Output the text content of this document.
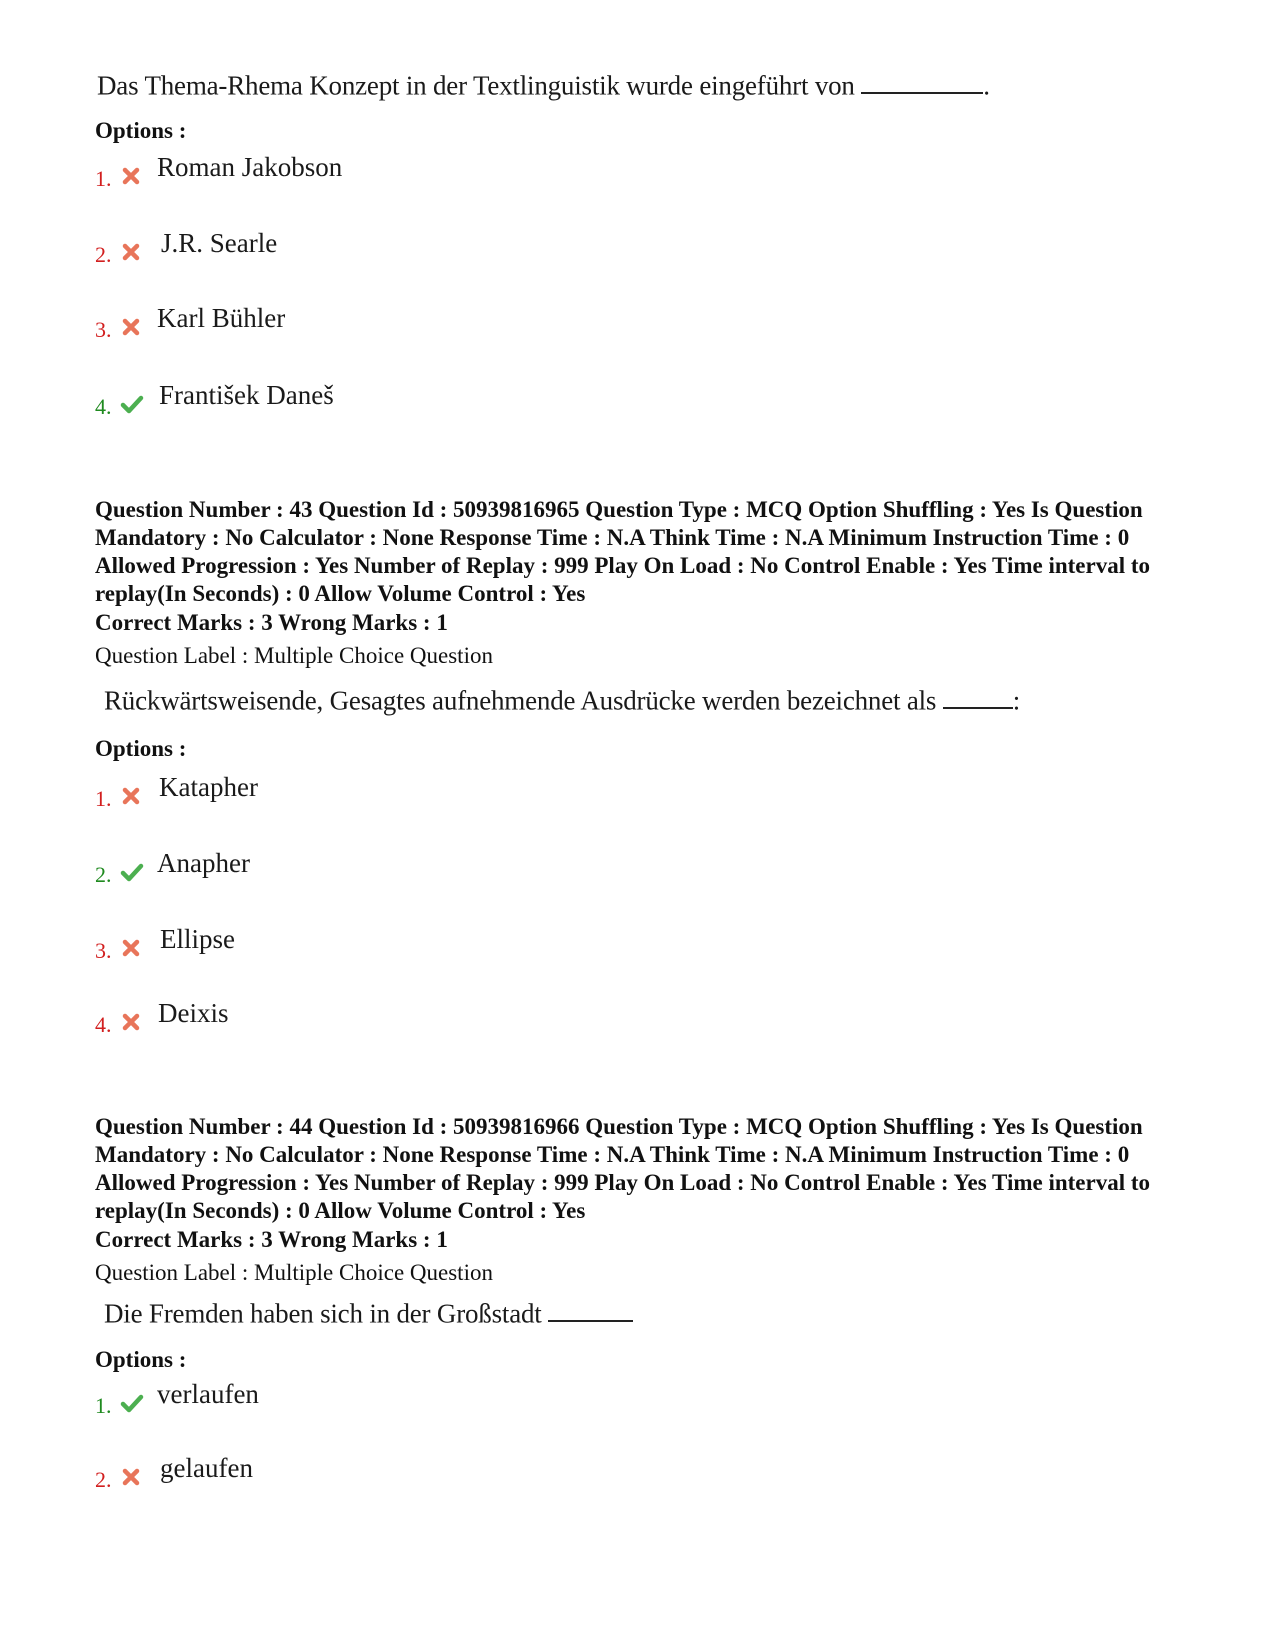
Das Thema-Rhema Konzept in der Textlinguistik wurde eingeführt von	.
Options :
1. Roman Jakobson
2. J.R. Searle
3. Karl Bühler
4. František Daneš
Question Number : 43 Question Id : 50939816965 Question Type : MCQ Option Shuffling : Yes Is Question Mandatory : No Calculator : None Response Time : N.A Think Time : N.A Minimum Instruction Time : 0 Allowed Progression : Yes Number of Replay : 999 Play On Load : No Control Enable : Yes Time interval to replay(In Seconds) : 0 Allow Volume Control : Yes
Correct Marks : 3 Wrong Marks : 1
Question Label : Multiple Choice Question
Rückwärtsweisende, Gesagtes aufnehmende Ausdrücke werden bezeichnet als	:
Options :
1. Katapher
2. Anapher
3. Ellipse
4. Deixis
Question Number : 44 Question Id : 50939816966 Question Type : MCQ Option Shuffling : Yes Is Question Mandatory : No Calculator : None Response Time : N.A Think Time : N.A Minimum Instruction Time : 0 Allowed Progression : Yes Number of Replay : 999 Play On Load : No Control Enable : Yes Time interval to replay(In Seconds) : 0 Allow Volume Control : Yes
Correct Marks : 3 Wrong Marks : 1
Question Label : Multiple Choice Question
Die Fremden haben sich in der Großstadt
Options :
1. verlaufen
2. gelaufen
